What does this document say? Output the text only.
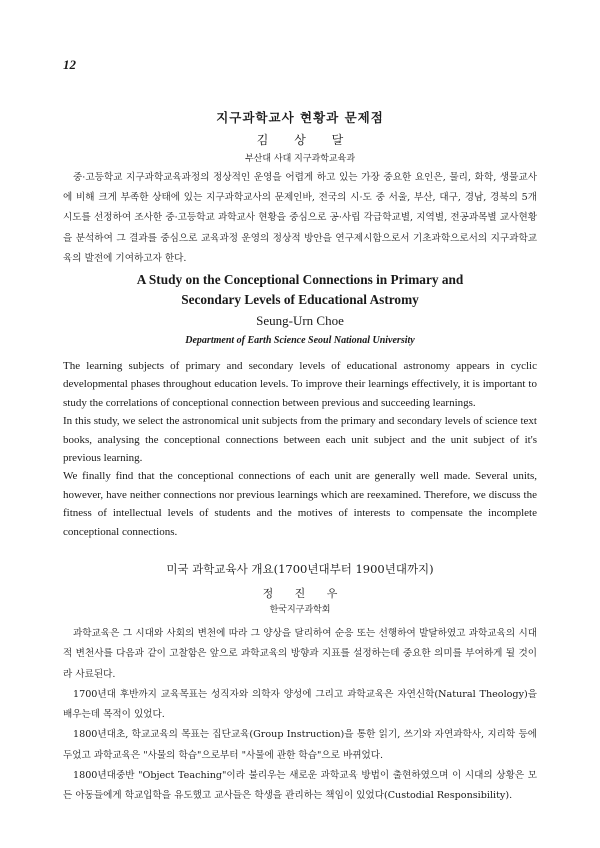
12

지구과학교사 현황과 문제점

김 상 달

부산대 사대 지구과학교육과

중·고등학교 지구과학교육과정의 정상적인 운영을 어렵게 하고 있는 가장 중요한 요인은, 물리, 화학, 생물교사에 비해 크게 부족한 상태에 있는 지구과학교사의 문제인바, 전국의 시·도 중 서울, 부산, 대구, 경남, 경북의 5개 시도를 선정하여 조사한 중·고등학교 과학교사 현황을 중심으로 공·사립 각급학교별, 지역별, 전공과목별 교사현황을 분석하여 그 결과를 중심으로 교육과정 운영의 정상적 방안을 연구제시함으로서 기초과학으로서의 지구과학교육의 발전에 기여하고자 한다.

A Study on the Conceptional Connections in Primary and
Secondary Levels of Educational Astromy

Seung-Urn Choe

Department of Earth Science Seoul National University

The learning subjects of primary and secondary levels of educational astronomy appears in cyclic developmental phases throughout education levels. To improve their learnings effectively, it is important to study the correlations of conceptional connection between previous and succeeding learnings.

In this study, we select the astronomical unit subjects from the primary and secondary levels of science text books, analysing the conceptional connections between each unit subject and the unit subject of it's previous learning.

We finally find that the conceptional connections of each unit are generally well made. Several units, however, have neither connections nor previous learnings which are reexamined. Therefore, we discuss the fitness of intellectual levels of students and the motives of interests to compensate the incomplete conceptional connections.

미국 과학교육사 개요(1700년대부터 1900년대까지)

정 진 우

한국지구과학회

과학교육은 그 시대와 사회의 변천에 따라 그 양상을 달리하여 순응 또는 선행하여 발달하였고 과학교육의 시대적 변천사를 다음과 같이 고찰함은 앞으로 과학교육의 방향과 지표를 설정하는데 중요한 의미를 부여하게 될 것이라 사료된다.

1700년대 후반까지 교육목표는 성직자와 의학자 양성에 그리고 과학교육은 자연신학(Natural Theology)을 배우는데 목적이 있었다.

1800년대초, 학교교육의 목표는 집단교육(Group Instruction)을 통한 읽기, 쓰기와 자연과학사, 지리학 등에 두었고 과학교육은 "사물의 학습"으로부터 "사물에 관한 학습"으로 바뀌었다.

1800년대중반 "Object Teaching"이라 불리우는 새로운 과학교육 방법이 출현하였으며 이 시대의 상황은 모든 아동들에게 학교입학을 유도했고 교사들은 학생을 관리하는 책임이 있었다(Custodial Responsibility).
